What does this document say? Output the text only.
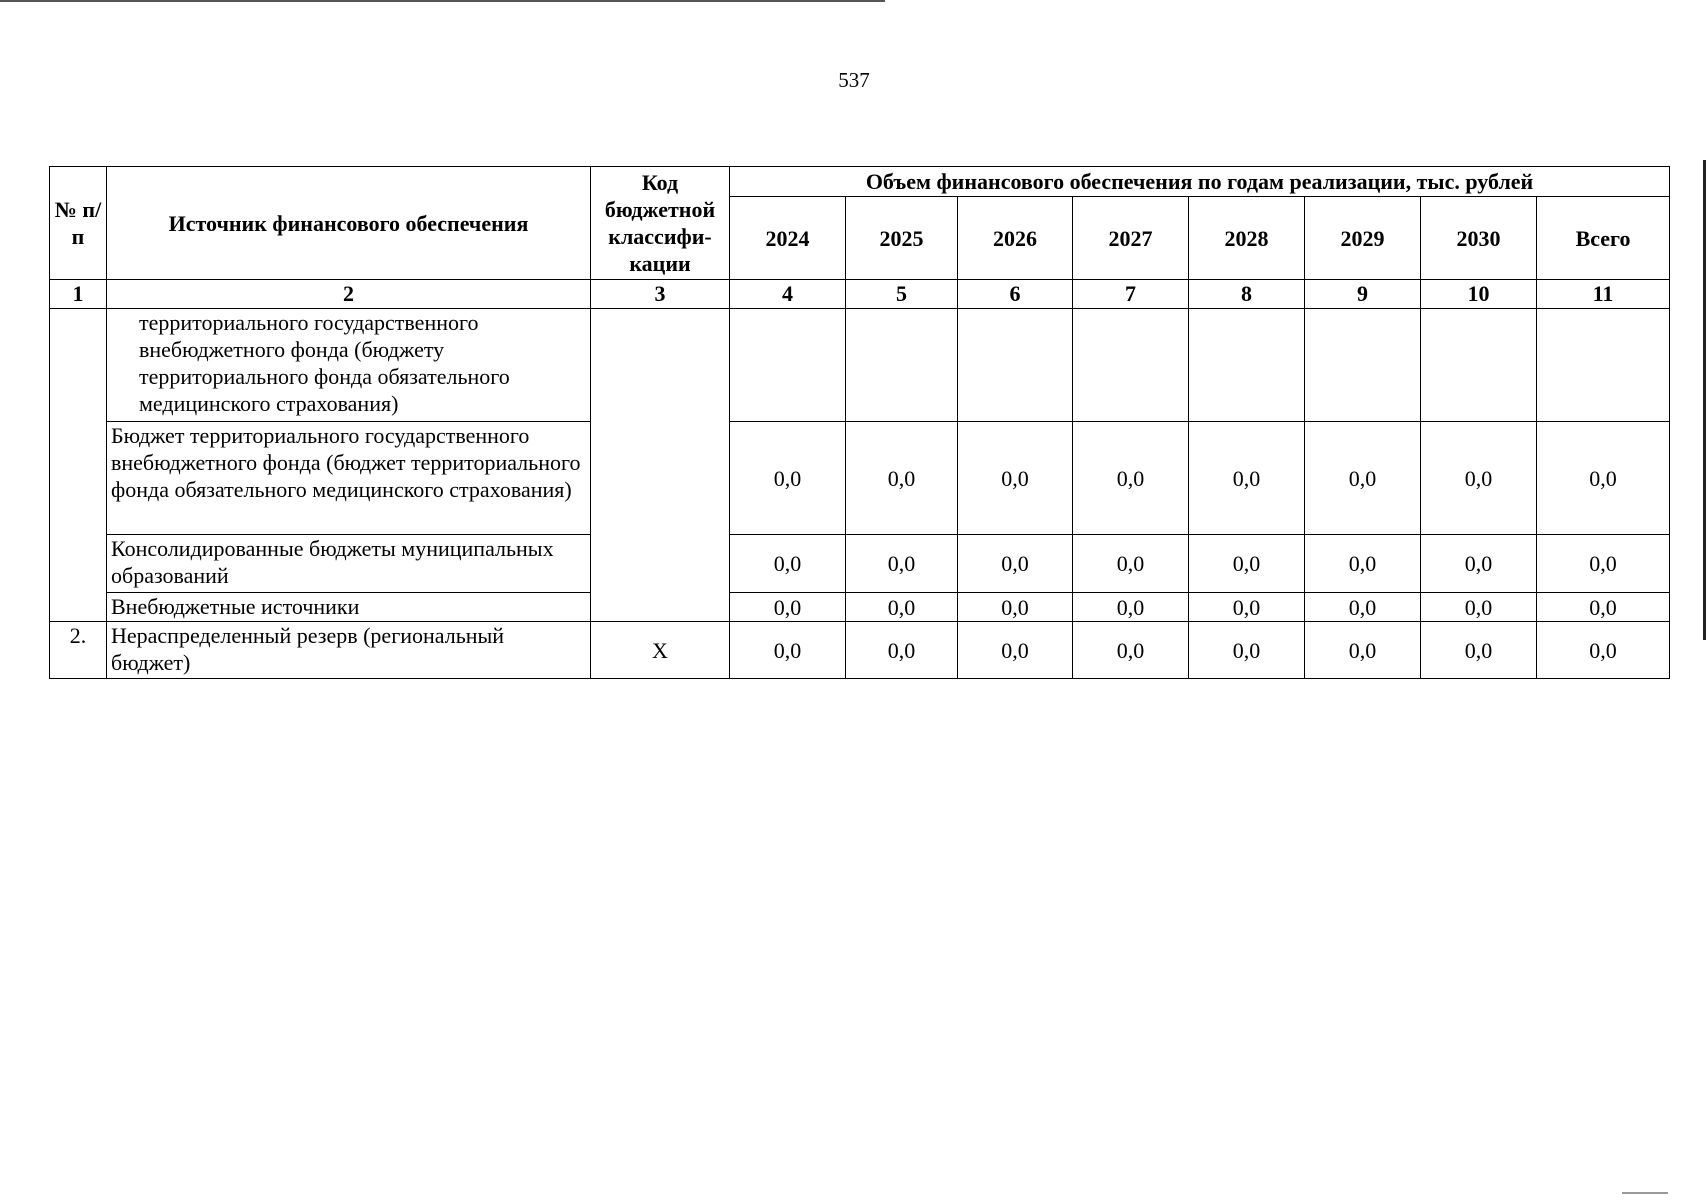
537
№ п/п	Источник финансового обеспечения	Код бюджетной классифи-кации	Объем финансового обеспечения по годам реализации, тыс. рублей							
			2024	2025	2026	2027	2028	2029	2030	Всего
1	2	3	4	5	6	7	8	9	10	11
	территориального государственного внебюджетного фонда (бюджету территориального фонда обязательного медицинского страхования)									
	Бюджет территориального государственного внебюджетного фонда (бюджет территориального фонда обязательного медицинского страхования)		0,0	0,0	0,0	0,0	0,0	0,0	0,0	0,0
	Консолидированные бюджеты муниципальных образований		0,0	0,0	0,0	0,0	0,0	0,0	0,0	0,0
	Внебюджетные источники		0,0	0,0	0,0	0,0	0,0	0,0	0,0	0,0
2.	Нераспределенный резерв (региональный бюджет)	Х	0,0	0,0	0,0	0,0	0,0	0,0	0,0	0,0
